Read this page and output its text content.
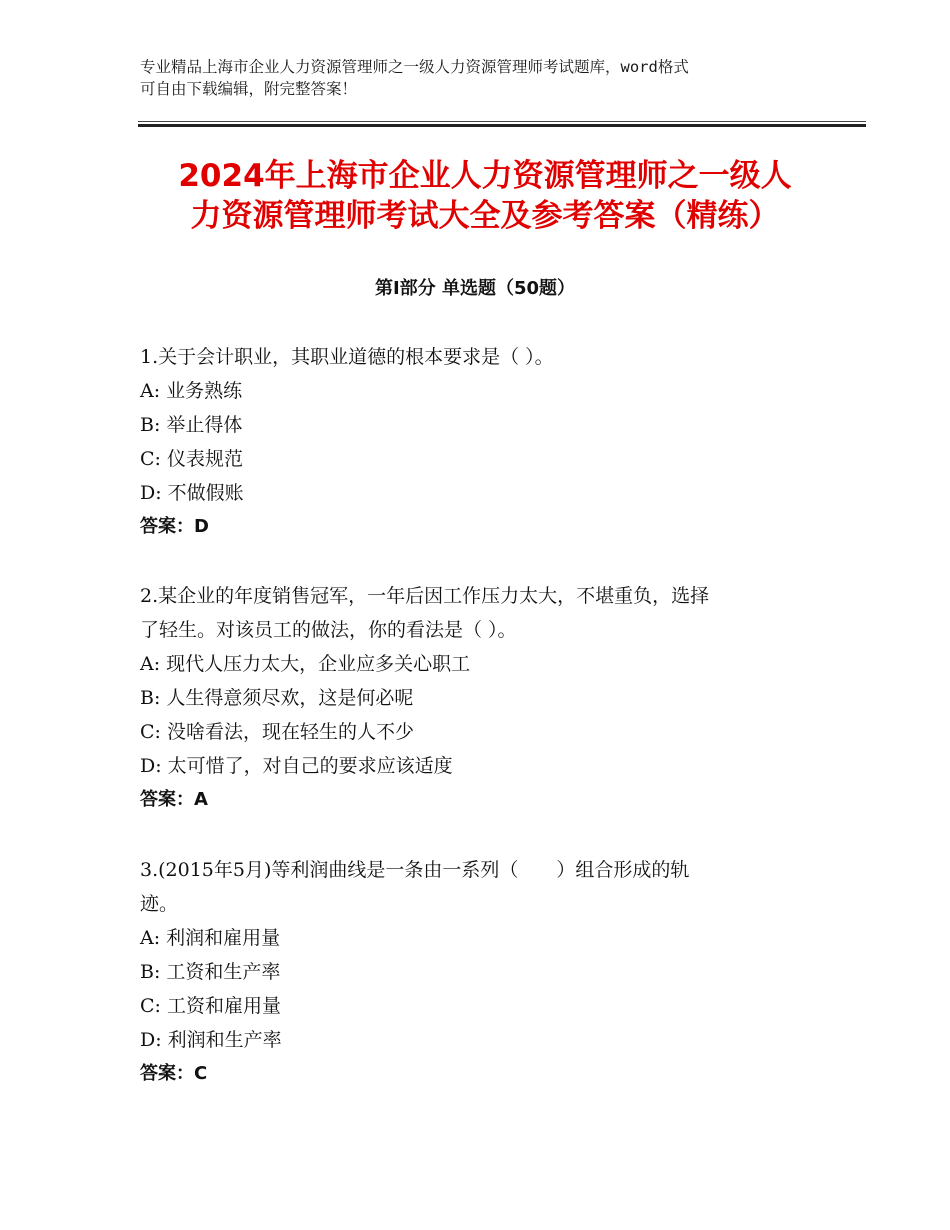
专业精品上海市企业人力资源管理师之一级人力资源管理师考试题库，word格式
可自由下载编辑，附完整答案！
2024年上海市企业人力资源管理师之一级人
力资源管理师考试大全及参考答案（精练）
第Ⅰ部分 单选题（50题）

1.关于会计职业，其职业道德的根本要求是（ ）。

A: 业务熟练

B: 举止得体

C: 仪表规范

D: 不做假账

答案：D

2.某企业的年度销售冠军，一年后因工作压力太大，不堪重负，选择

了轻生。对该员工的做法，你的看法是（ ）。

A: 现代人压力太大，企业应多关心职工

B: 人生得意须尽欢，这是何必呢

C: 没啥看法，现在轻生的人不少

D: 太可惜了，对自己的要求应该适度

答案：A

3.(2015年5月)等利润曲线是一条由一系列（　　）组合形成的轨

迹。

A: 利润和雇用量

B: 工资和生产率

C: 工资和雇用量

D: 利润和生产率

答案：C
